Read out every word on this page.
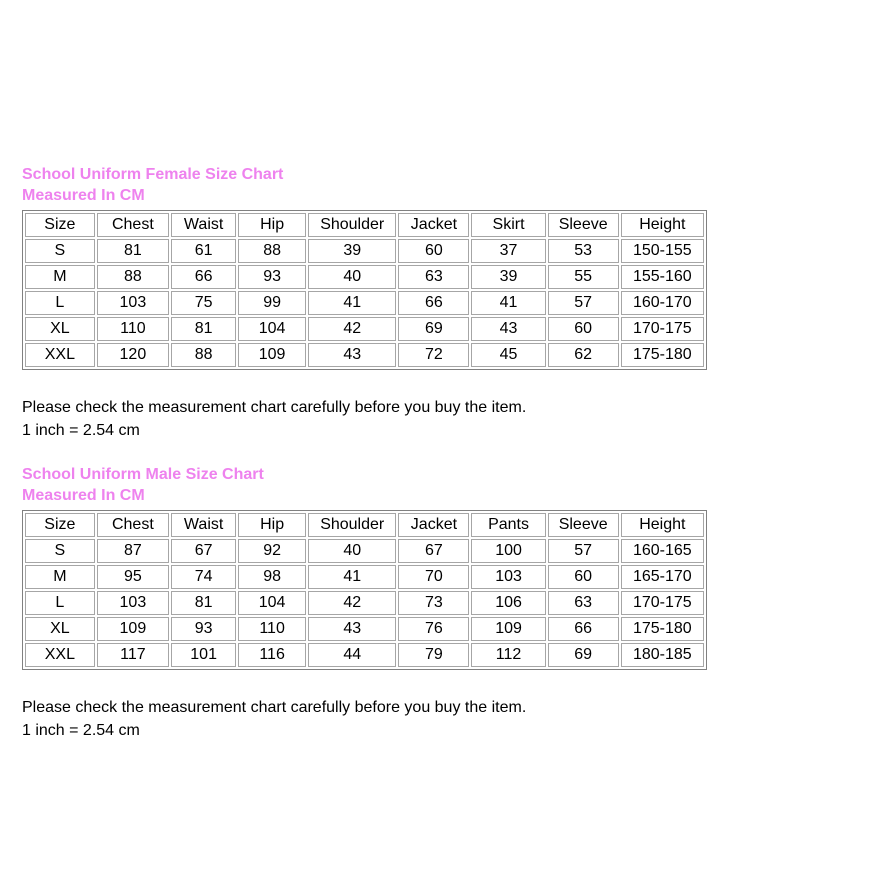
School Uniform Female Size Chart
Measured In CM
Size	Chest	Waist	Hip	Shoulder	Jacket	Skirt	Sleeve	Height
S	81	61	88	39	60	37	53	150-155
M	88	66	93	40	63	39	55	155-160
L	103	75	99	41	66	41	57	160-170
XL	110	81	104	42	69	43	60	170-175
XXL	120	88	109	43	72	45	62	175-180

Please check the measurement chart carefully before you buy the item.

1 inch = 2.54 cm

School Uniform Male Size Chart
Measured In CM
Size	Chest	Waist	Hip	Shoulder	Jacket	Pants	Sleeve	Height
S	87	67	92	40	67	100	57	160-165
M	95	74	98	41	70	103	60	165-170
L	103	81	104	42	73	106	63	170-175
XL	109	93	110	43	76	109	66	175-180
XXL	117	101	116	44	79	112	69	180-185

Please check the measurement chart carefully before you buy the item.

1 inch = 2.54 cm
